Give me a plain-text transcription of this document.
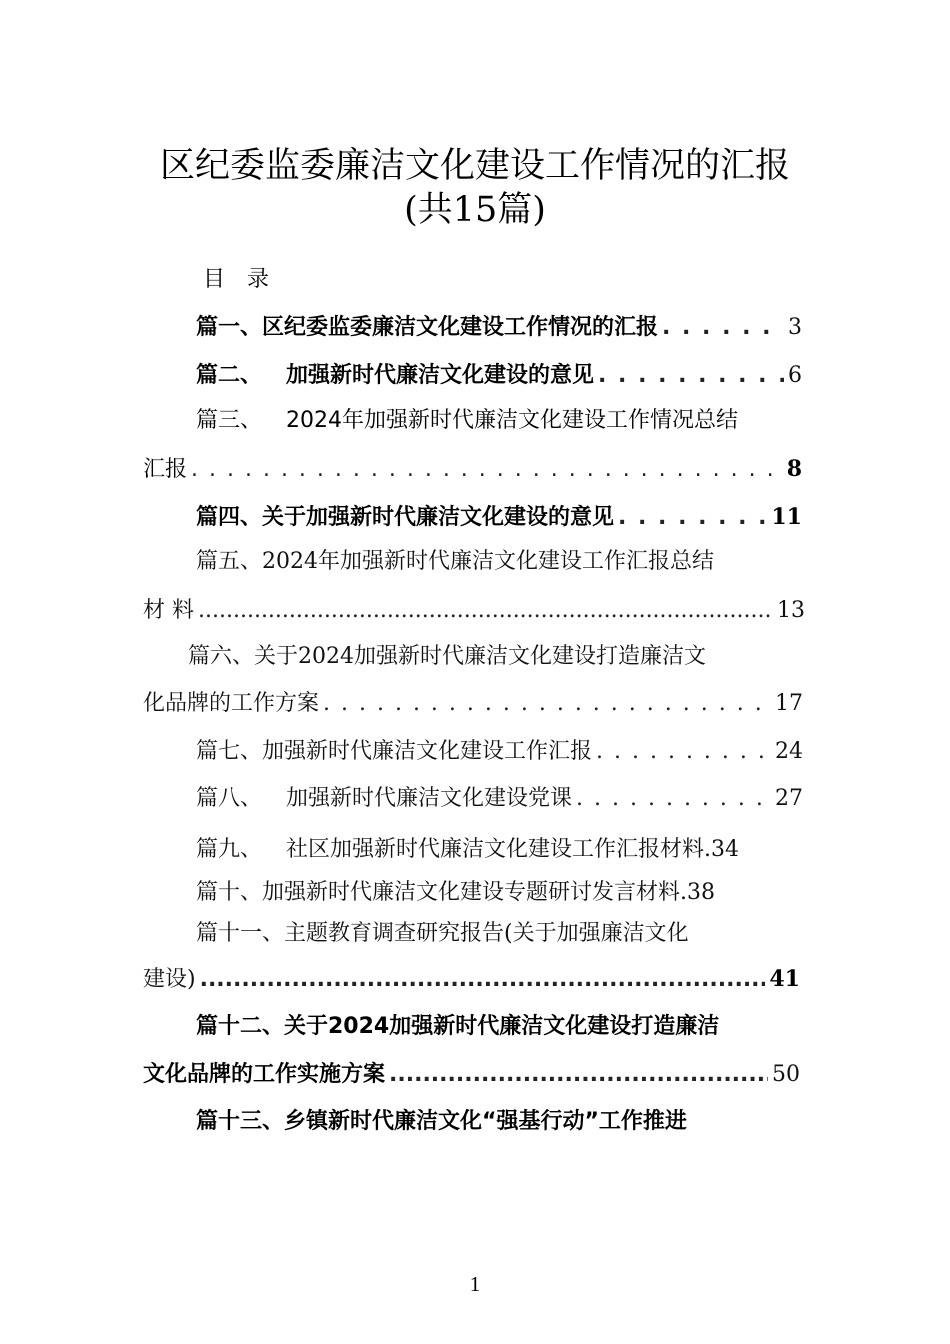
区纪委监委廉洁文化建设工作情况的汇报
(共15篇)
目录
篇一、区纪委监委廉洁文化建设工作情况的汇报 . . .	3
篇二、 加强新时代廉洁文化建设的意见 . . .	6
篇三、 2024年加强新时代廉洁文化建设工作情况总结
汇报 . . .	8
篇四、关于加强新时代廉洁文化建设的意见 . . .	11
篇五、2024年加强新时代廉洁文化建设工作汇报总结
材 料 .....	13
篇六、关于2024加强新时代廉洁文化建设打造廉洁文
化品牌的工作方案 . . .	17
篇七、加强新时代廉洁文化建设工作汇报 . . .	24
篇八、 加强新时代廉洁文化建设党课 . . .	27
篇九、 社区加强新时代廉洁文化建设工作汇报材料. 34
篇十、加强新时代廉洁文化建设专题研讨发言材料. 38
篇十一、主题教育调查研究报告(关于加强廉洁文化
建设) .....	41
篇十二、关于2024加强新时代廉洁文化建设打造廉洁
文化品牌的工作实施方案 .....	50
篇十三、乡镇新时代廉洁文化“强基行动”工作推进
1
